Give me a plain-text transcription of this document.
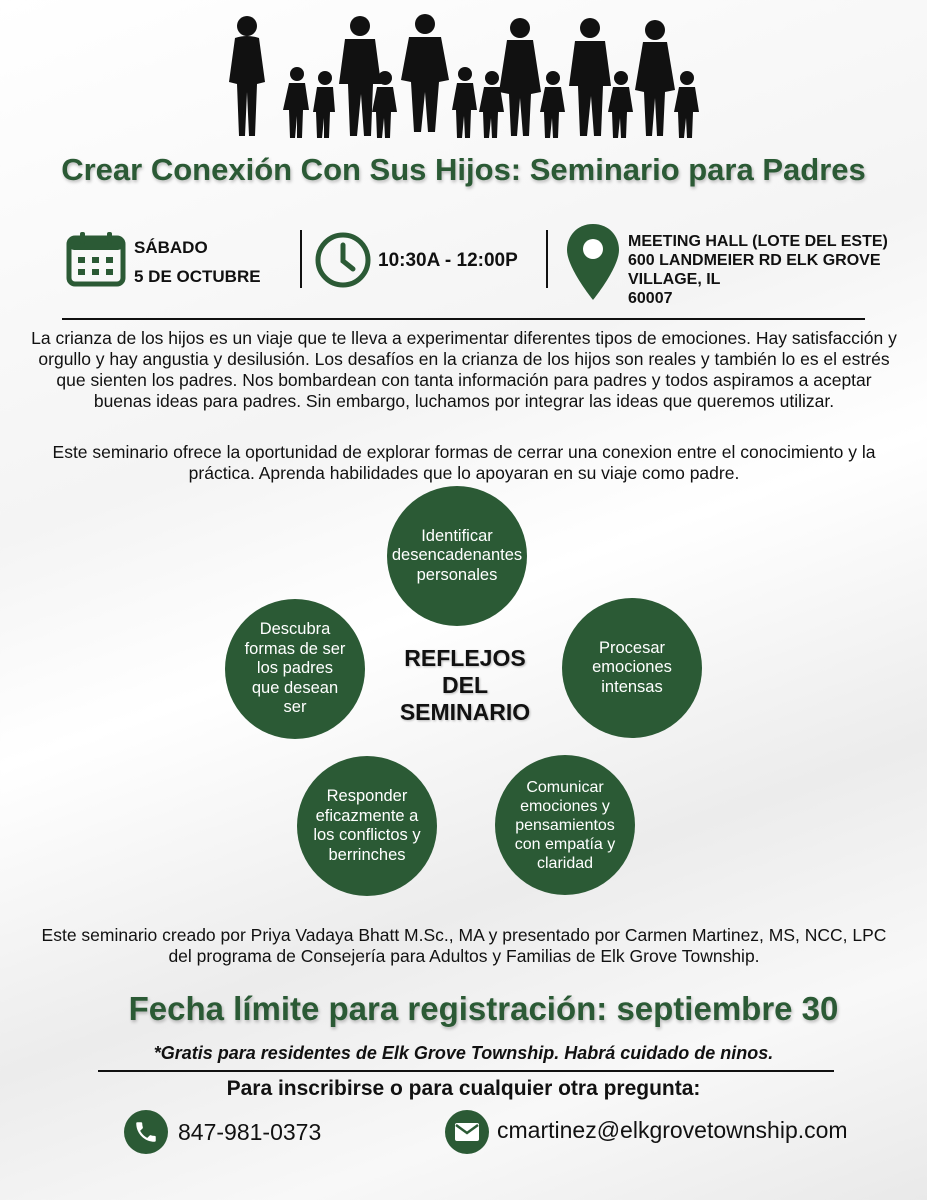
Crear Conexión Con Sus Hijos: Seminario para Padres
SÁBADO
5 DE OCTUBRE
10:30A - 12:00P
MEETING HALL (LOTE DEL ESTE)
600 LANDMEIER RD ELK GROVE
VILLAGE, IL
60007
La crianza de los hijos es un viaje que te lleva a experimentar diferentes tipos de emociones. Hay satisfacción y orgullo y hay angustia y desilusión. Los desafíos en la crianza de los hijos son reales y también lo es el estrés que sienten los padres. Nos bombardean con tanta información para padres y todos aspiramos a aceptar buenas ideas para padres. Sin embargo, luchamos por integrar las ideas que queremos utilizar.
Este seminario ofrece la oportunidad de explorar formas de cerrar una conexion entre el conocimiento y la práctica. Aprenda habilidades que lo apoyaran en su viaje como padre.
Identificar desencadenantes personales
Procesar emociones intensas
Comunicar emociones y pensamientos con empatía y claridad
Responder eficazmente a los conflictos y berrinches
Descubra formas de ser los padres que desean ser
REFLEJOS
DEL
SEMINARIO
Este seminario creado por Priya Vadaya Bhatt M.Sc., MA y presentado por Carmen Martinez, MS, NCC, LPC del programa de Consejería para Adultos y Familias de Elk Grove Township.
Fecha límite para registración: septiembre 30
*Gratis para residentes de Elk Grove Township. Habrá cuidado de ninos.
Para inscribirse o para cualquier otra pregunta:
847-981-0373	cmartinez@elkgrovetownship.com
